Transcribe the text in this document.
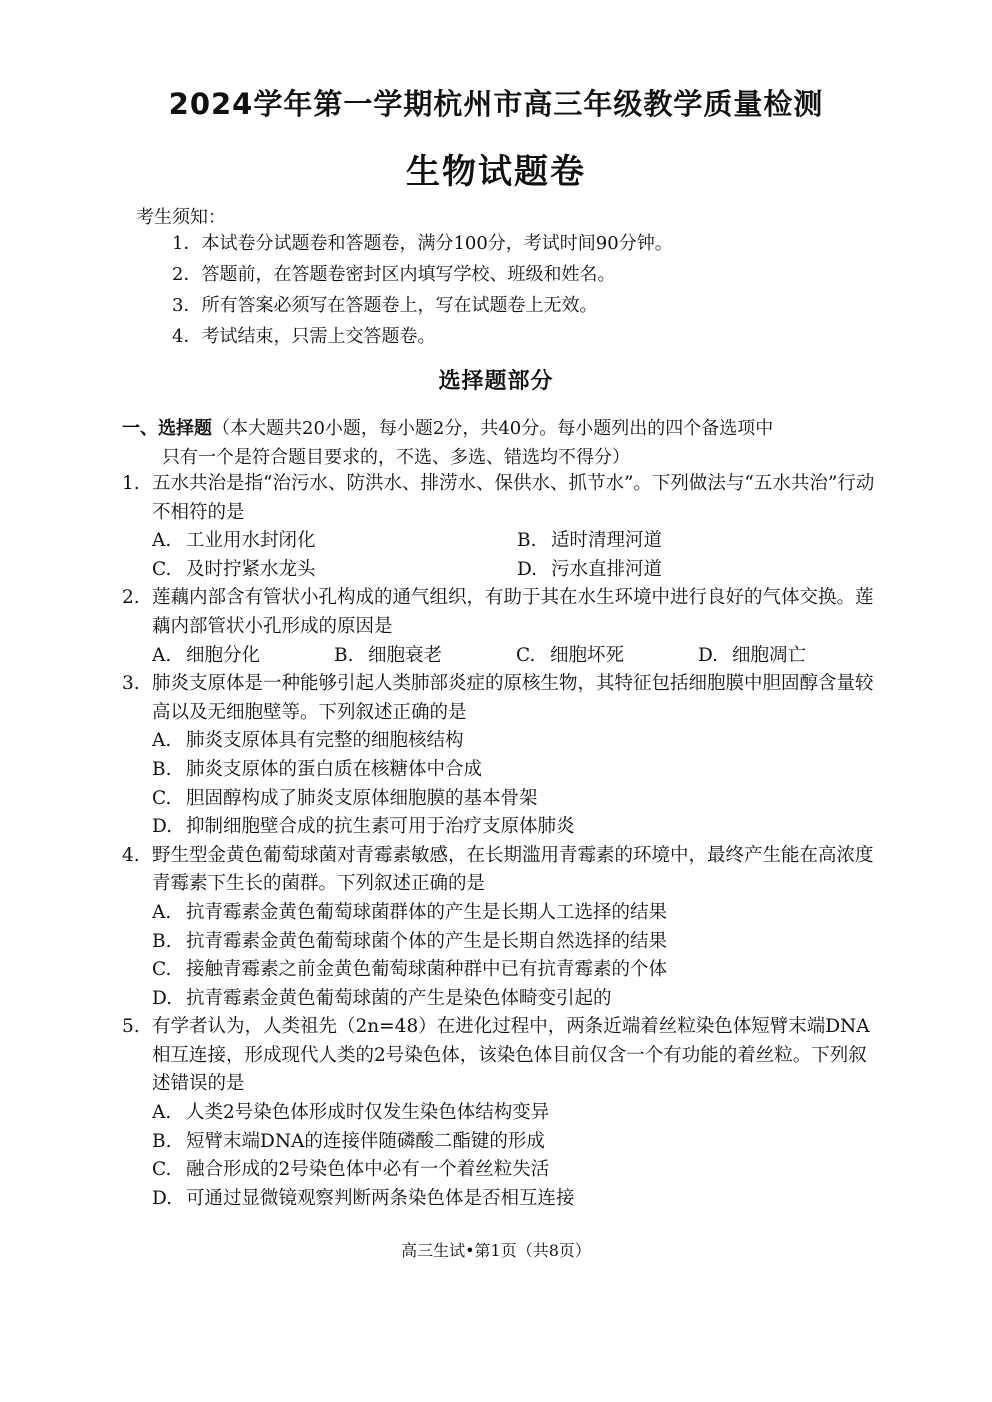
2024学年第一学期杭州市高三年级教学质量检测
生物试题卷
考生须知：
1．本试卷分试题卷和答题卷，满分100分，考试时间90分钟。
2．答题前，在答题卷密封区内填写学校、班级和姓名。
3．所有答案必须写在答题卷上，写在试题卷上无效。
4．考试结束，只需上交答题卷。
选择题部分
一、选择题（本大题共20小题，每小题2分，共40分。每小题列出的四个备选项中
只有一个是符合题目要求的，不选、多选、错选均不得分）
1. 五水共治是指“治污水、防洪水、排涝水、保供水、抓节水”。下列做法与“五水共治”行动不相符的是
A. 工业用水封闭化	B. 适时清理河道
C. 及时拧紧水龙头	D. 污水直排河道
2. 莲藕内部含有管状小孔构成的通气组织，有助于其在水生环境中进行良好的气体交换。莲藕内部管状小孔形成的原因是
A. 细胞分化	B. 细胞衰老	C. 细胞坏死	D. 细胞凋亡
3. 肺炎支原体是一种能够引起人类肺部炎症的原核生物，其特征包括细胞膜中胆固醇含量较高以及无细胞壁等。下列叙述正确的是
A. 肺炎支原体具有完整的细胞核结构
B. 肺炎支原体的蛋白质在核糖体中合成
C. 胆固醇构成了肺炎支原体细胞膜的基本骨架
D. 抑制细胞壁合成的抗生素可用于治疗支原体肺炎
4. 野生型金黄色葡萄球菌对青霉素敏感，在长期滥用青霉素的环境中，最终产生能在高浓度青霉素下生长的菌群。下列叙述正确的是
A. 抗青霉素金黄色葡萄球菌群体的产生是长期人工选择的结果
B. 抗青霉素金黄色葡萄球菌个体的产生是长期自然选择的结果
C. 接触青霉素之前金黄色葡萄球菌种群中已有抗青霉素的个体
D. 抗青霉素金黄色葡萄球菌的产生是染色体畸变引起的
5. 有学者认为，人类祖先（2n=48）在进化过程中，两条近端着丝粒染色体短臂末端DNA相互连接，形成现代人类的2号染色体，该染色体目前仅含一个有功能的着丝粒。下列叙述错误的是
A. 人类2号染色体形成时仅发生染色体结构变异
B. 短臂末端DNA的连接伴随磷酸二酯键的形成
C. 融合形成的2号染色体中必有一个着丝粒失活
D. 可通过显微镜观察判断两条染色体是否相互连接
高三生试•第1页（共8页）
